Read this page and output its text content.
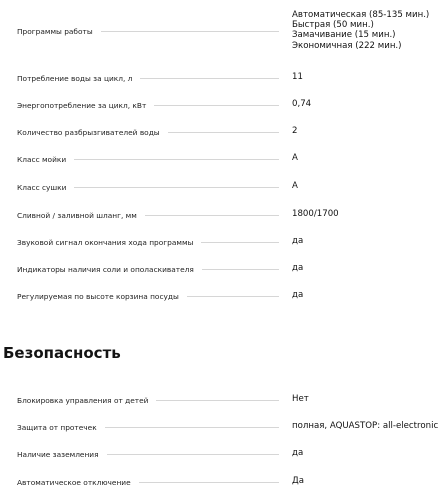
Программы работы
Автоматическая (85-135 мин.)
Быстрая (50 мин.)
Замачивание (15 мин.)
Экономичная (222 мин.)
Потребление воды за цикл, л	11
Энергопотребление за цикл, кВт	0,74
Количество разбрызгивателей воды	2
Класс мойки	A
Класс сушки	A
Сливной / заливной шланг, мм	1800/1700
Звуковой сигнал окончания хода программы	да
Индикаторы наличия соли и ополаскивателя	да
Регулируемая по высоте корзина посуды	да
Безопасность
Блокировка управления от детей	Нет
Защита от протечек	полная, AQUASTOP: all-electronic
Наличие заземления	да
Автоматическое отключение	Да
